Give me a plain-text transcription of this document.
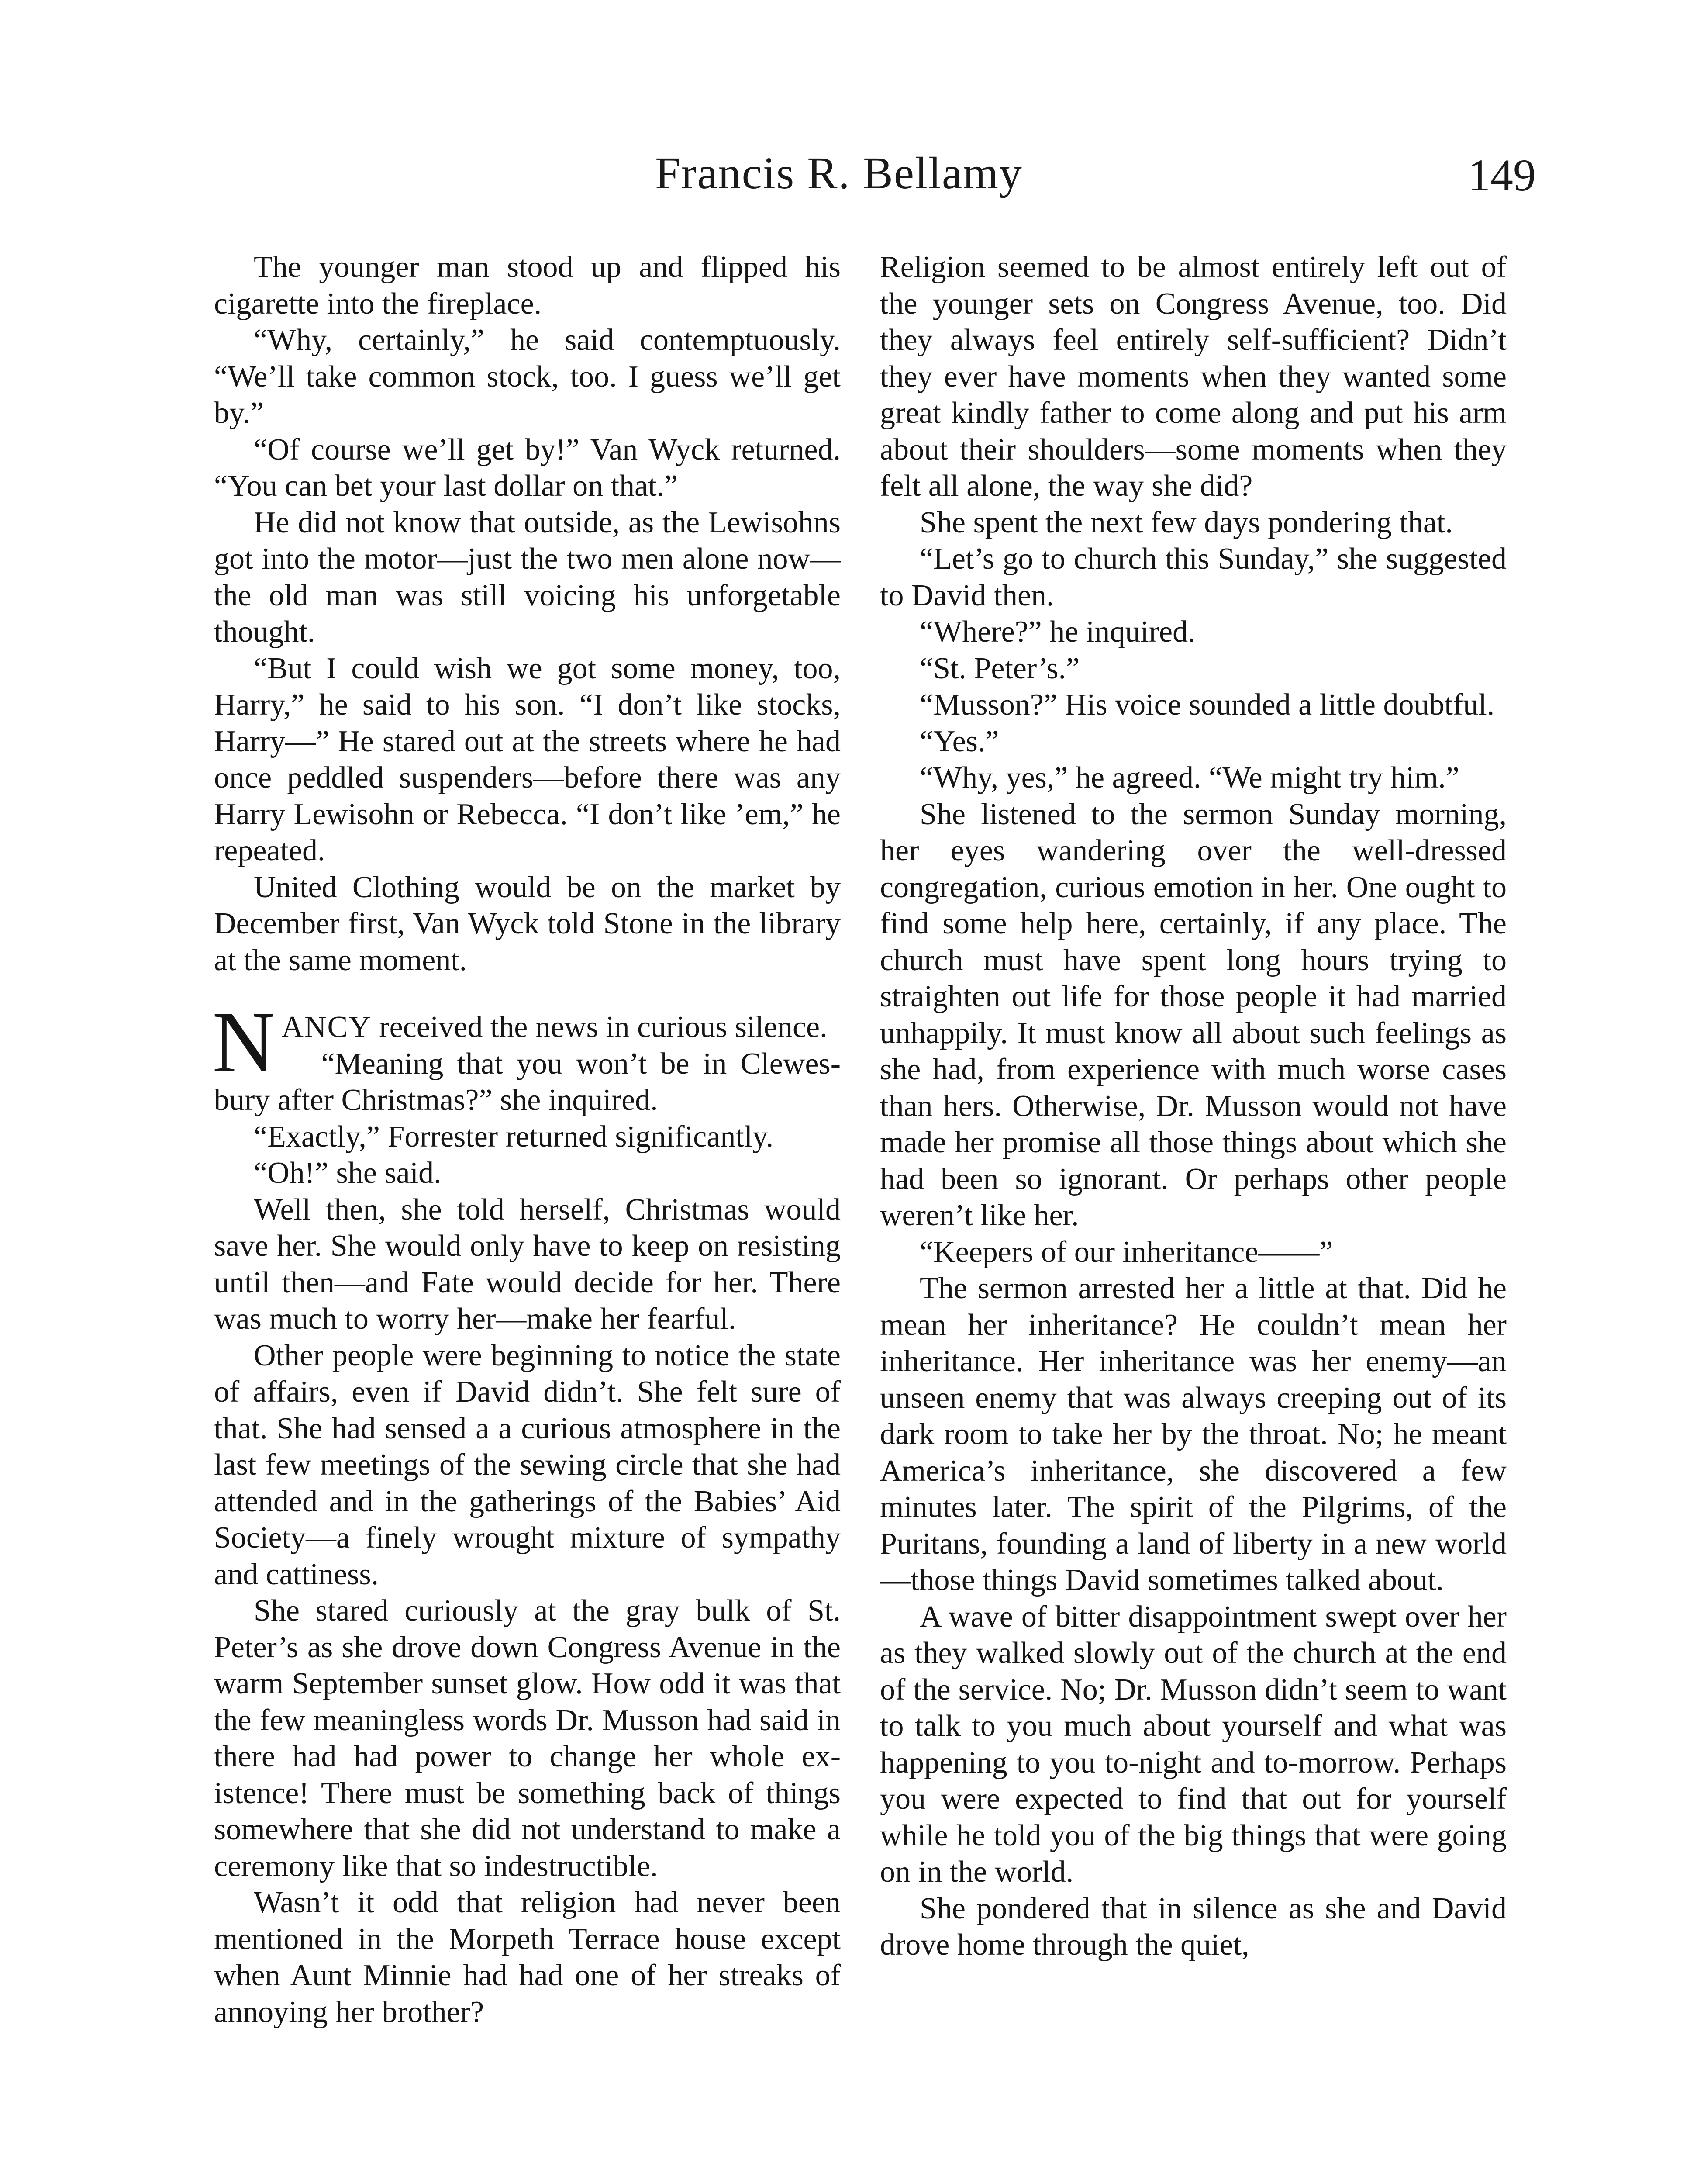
Francis R. Bellamy	149

The younger man stood up and flipped his cigarette into the fireplace.

“Why, certainly,” he said contemptuously. “We’ll take common stock, too. I guess we’ll get by.”

“Of course we’ll get by!” Van Wyck returned. “You can bet your last dollar on that.”

He did not know that outside, as the Lewisohns got into the motor—just the two men alone now—the old man was still voicing his unforgetable thought.

“But I could wish we got some money, too, Harry,” he said to his son. “I don’t like stocks, Harry—” He stared out at the streets where he had once peddled suspenders—before there was any Harry Lewisohn or Rebecca. “I don’t like ’em,” he repeated.

United Clothing would be on the market by December first, Van Wyck told Stone in the library at the same moment.

NANCY received the news in curious silence.

“Meaning that you won’t be in Clewesbury after Christmas?” she inquired.

“Exactly,” Forrester returned significantly.

“Oh!” she said.

Well then, she told herself, Christmas would save her. She would only have to keep on resisting until then—and Fate would decide for her. There was much to worry her—make her fearful.

Other people were beginning to notice the state of affairs, even if David didn’t. She felt sure of that. She had sensed a a curious atmosphere in the last few meetings of the sewing circle that she had attended and in the gatherings of the Babies’ Aid Society—a finely wrought mixture of sympathy and cattiness.

She stared curiously at the gray bulk of St. Peter’s as she drove down Congress Avenue in the warm September sunset glow. How odd it was that the few meaningless words Dr. Musson had said in there had had power to change her whole existence! There must be something back of things somewhere that she did not understand to make a ceremony like that so indestructible.

Wasn’t it odd that religion had never been mentioned in the Morpeth Terrace house except when Aunt Minnie had had one of her streaks of annoying her brother?

Religion seemed to be almost entirely left out of the younger sets on Congress Avenue, too. Did they always feel entirely self-sufficient? Didn’t they ever have moments when they wanted some great kindly father to come along and put his arm about their shoulders—some moments when they felt all alone, the way she did?

She spent the next few days pondering that.

“Let’s go to church this Sunday,” she suggested to David then.

“Where?” he inquired.

“St. Peter’s.”

“Musson?” His voice sounded a little doubtful.

“Yes.”

“Why, yes,” he agreed. “We might try him.”

She listened to the sermon Sunday morning, her eyes wandering over the well-dressed congregation, curious emotion in her. One ought to find some help here, certainly, if any place. The church must have spent long hours trying to straighten out life for those people it had married unhappily. It must know all about such feelings as she had, from experience with much worse cases than hers. Otherwise, Dr. Musson would not have made her promise all those things about which she had been so ignorant. Or perhaps other people weren’t like her.

“Keepers of our inheritance——”

The sermon arrested her a little at that. Did he mean her inheritance? He couldn’t mean her inheritance. Her inheritance was her enemy—an unseen enemy that was always creeping out of its dark room to take her by the throat. No; he meant America’s inheritance, she discovered a few minutes later. The spirit of the Pilgrims, of the Puritans, founding a land of liberty in a new world—those things David sometimes talked about.

A wave of bitter disappointment swept over her as they walked slowly out of the church at the end of the service. No; Dr. Musson didn’t seem to want to talk to you much about yourself and what was happening to you to-night and to-morrow. Perhaps you were expected to find that out for yourself while he told you of the big things that were going on in the world.

She pondered that in silence as she and David drove home through the quiet,
